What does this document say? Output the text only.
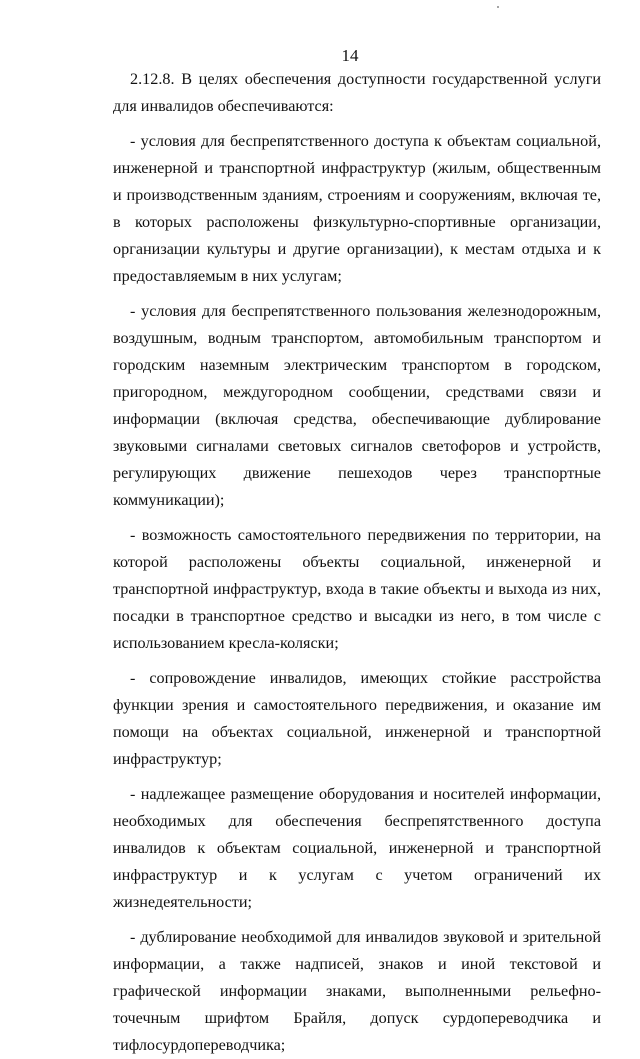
14

2.12.8. В целях обеспечения доступности государственной услуги для инвалидов обеспечиваются:

- условия для беспрепятственного доступа к объектам социальной, инженерной и транспортной инфраструктур (жилым, общественным и производственным зданиям, строениям и сооружениям, включая те, в которых расположены физкультурно-спортивные организации, организации культуры и другие организации), к местам отдыха и к предоставляемым в них услугам;

- условия для беспрепятственного пользования железнодорожным, воздушным, водным транспортом, автомобильным транспортом и городским наземным электрическим транспортом в городском, пригородном, междугородном сообщении, средствами связи и информации (включая средства, обеспечивающие дублирование звуковыми сигналами световых сигналов светофоров и устройств, регулирующих движение пешеходов через транспортные коммуникации);

- возможность самостоятельного передвижения по территории, на которой расположены объекты социальной, инженерной и транспортной инфраструктур, входа в такие объекты и выхода из них, посадки в транспортное средство и высадки из него, в том числе с использованием кресла-коляски;

- сопровождение инвалидов, имеющих стойкие расстройства функции зрения и самостоятельного передвижения, и оказание им помощи на объектах социальной, инженерной и транспортной инфраструктур;

- надлежащее размещение оборудования и носителей информации, необходимых для обеспечения беспрепятственного доступа инвалидов к объектам социальной, инженерной и транспортной инфраструктур и к услугам с учетом ограничений их жизнедеятельности;

- дублирование необходимой для инвалидов звуковой и зрительной информации, а также надписей, знаков и иной текстовой и графической информации знаками, выполненными рельефно-точечным шрифтом Брайля, допуск сурдопереводчика и тифлосурдопереводчика;
